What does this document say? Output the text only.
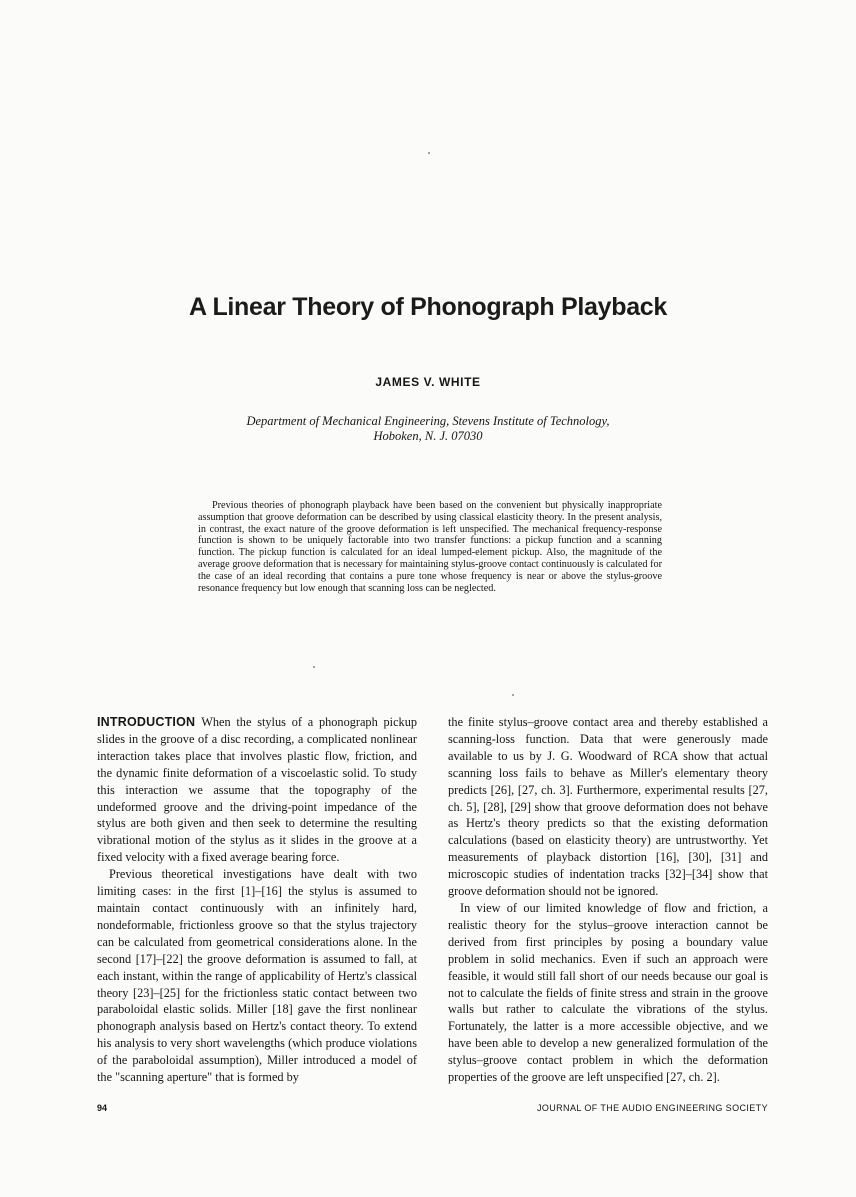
A Linear Theory of Phonograph Playback
JAMES V. WHITE
Department of Mechanical Engineering, Stevens Institute of Technology,
Hoboken, N. J. 07030

Previous theories of phonograph playback have been based on the convenient but physically inappropriate assumption that groove deformation can be described by using classical elasticity theory. In the present analysis, in contrast, the exact nature of the groove deformation is left unspecified. The mechanical frequency-response function is shown to be uniquely factorable into two transfer functions: a pickup function and a scanning function. The pickup function is calculated for an ideal lumped-element pickup. Also, the magnitude of the average groove deformation that is necessary for maintaining stylus-groove contact continuously is calculated for the case of an ideal recording that contains a pure tone whose frequency is near or above the stylus-groove resonance frequency but low enough that scanning loss can be neglected.

INTRODUCTION When the stylus of a phonograph pickup slides in the groove of a disc recording, a complicated nonlinear interaction takes place that involves plastic flow, friction, and the dynamic finite deformation of a viscoelastic solid. To study this interaction we assume that the topography of the undeformed groove and the driving-point impedance of the stylus are both given and then seek to determine the resulting vibrational motion of the stylus as it slides in the groove at a fixed velocity with a fixed average bearing force.

Previous theoretical investigations have dealt with two limiting cases: in the first [1]–[16] the stylus is assumed to maintain contact continuously with an infinitely hard, nondeformable, frictionless groove so that the stylus trajectory can be calculated from geometrical considerations alone. In the second [17]–[22] the groove deformation is assumed to fall, at each instant, within the range of applicability of Hertz's classical theory [23]–[25] for the frictionless static contact between two paraboloidal elastic solids. Miller [18] gave the first nonlinear phonograph analysis based on Hertz's contact theory. To extend his analysis to very short wavelengths (which produce violations of the paraboloidal assumption), Miller introduced a model of the "scanning aperture" that is formed by

the finite stylus–groove contact area and thereby established a scanning-loss function. Data that were generously made available to us by J. G. Woodward of RCA show that actual scanning loss fails to behave as Miller's elementary theory predicts [26], [27, ch. 3]. Furthermore, experimental results [27, ch. 5], [28], [29] show that groove deformation does not behave as Hertz's theory predicts so that the existing deformation calculations (based on elasticity theory) are untrustworthy. Yet measurements of playback distortion [16], [30], [31] and microscopic studies of indentation tracks [32]–[34] show that groove deformation should not be ignored.

In view of our limited knowledge of flow and friction, a realistic theory for the stylus–groove interaction cannot be derived from first principles by posing a boundary value problem in solid mechanics. Even if such an approach were feasible, it would still fall short of our needs because our goal is not to calculate the fields of finite stress and strain in the groove walls but rather to calculate the vibrations of the stylus. Fortunately, the latter is a more accessible objective, and we have been able to develop a new generalized formulation of the stylus–groove contact problem in which the deformation properties of the groove are left unspecified [27, ch. 2].

94	JOURNAL OF THE AUDIO ENGINEERING SOCIETY
